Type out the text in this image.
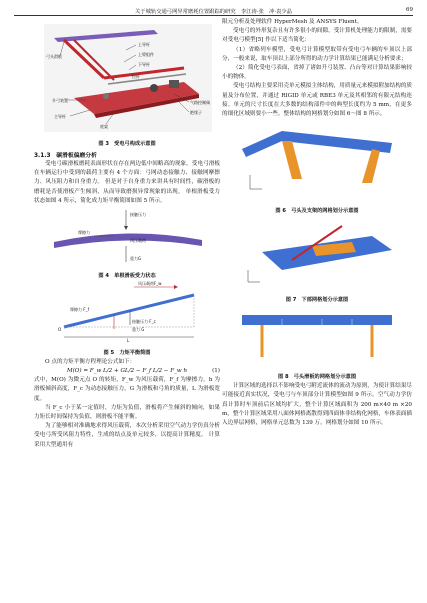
关于城轨交通弓网异常磨耗位置跟踪的研究　李江涛·张　冲·袁少晶	69
弓头滑板
上导杆
上臂组件
下导杆
拉杆
升弓装置	气路控制阀
绝缘子
底架
主导杆
图 3　受电弓构成示意图
3.1.3　碳滑板偏磨分析

受电弓碳滑板磨耗表面形状在存在两边低中间略高的现象，受电弓滑板在车辆运行中受到的载荷主要有 4 个方面：弓网动态接触力、接触网摩擦力、风压阻力和自身重力。 但是对于自身重力来讲具有时间性，碳滑板的磨耗是否使滑板产生倾斜，从而导致磨损异常现象的出现。 单根滑板受力状态如图 4 所示，简化成力矩平衡简图如图 5 所示。

接触压力
摩擦力
风压载荷
重力G
图 4　单根滑板受力状态
风压载荷F_w
摩擦力 F_f
O
接触压力 F_c
重力 G
L
图 5　力矩平衡简图

O 点的力矩平衡方程理论公式如下：

M(O) = F_w L/2 + GL/2 − F_f L/2 − F_w h	(1)

式中，M(O) 为微元点 O 的转矩，F_w 为风压载荷，F_f 为摩擦力，h 为滑板倾斜高度，F_c 为动态接触压力，G 为滑板和弓角的质量，L 为滑板宽度。

当 F_c 小于某一定值时，力矩为负值，滑板将产生倾斜的倾向，如果力矩长时间保持为负值，则滑板不能平衡。

为了能够相对准确地求得风压载荷，本次分析采用空气动力学仿真分析受电弓所受风阻力特性，生成的结点及单元较多，以提高计算精度。 计算采用大型通用有

限元分析及处理软件 HyperMesh 及 ANSYS Fluent。

受电弓的外形复杂且有许多很小的间隙，受计算机处理能力的限制，需要对受电弓模型[5] 作以下适当简化：

（1）省略列车模型，受电弓计算模型取带有受电弓车辆的车顶以上部分，一般来说，取车顶以上部分所得的动力学计算结果已能满足分析要求；

（2）简化受电弓表面，省掉了诸如升弓装置、凸台等对计算结果影响较小的物体。

受电弓结构主要采用壳单元模拟主体结构，用质量元来模拟附加结构的质量及分布位置，并通过 RIGID 单元或 RBE3 单元及其相邻的有限元结构连接。单元的尺寸长度在大多数的结构部件中的典型长度约为 5 mm，在更多的细化区域则要小一些。整体结构的网格划分如图 6～图 8 所示。

图 6　弓头及支架的网格划分示意图
图 7　下部网格划分示意图
图 8　弓头滑板的网格划分示意图

计算区域的选择以不影响受电弓附近流体的流动为原则，为使计算结果尽可能接近真实状况，受电弓与车顶部分计算模型如图 9 所示。空气动力学仿真计算时车顶前后区域均扩大，整个计算区域面积为 200 m×40 m ×20 m，整个计算区域采用八面体网格离散得到四面体非结构化网格，车体表面插入边界层网格，网格单元总数为 139 万。网格划分如图 10 所示。
